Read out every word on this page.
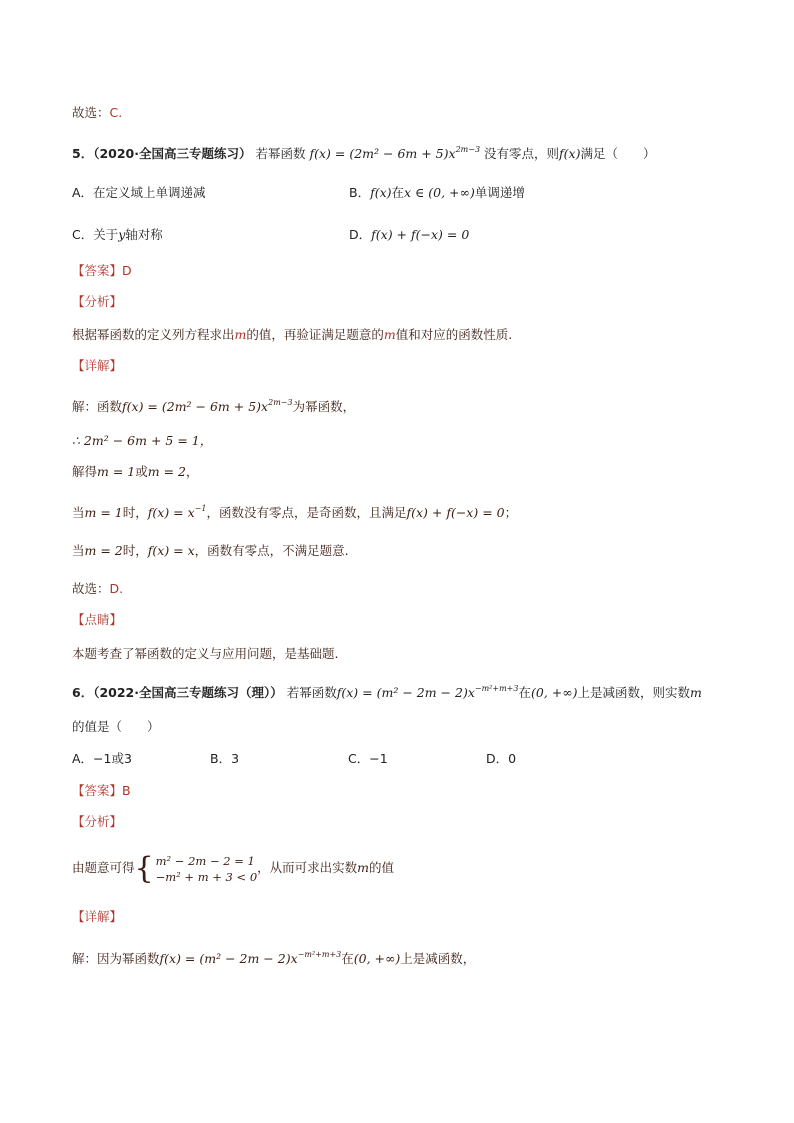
故选：C.
5．（2020·全国高三专题练习） 若幂函数 $f(x) = (2m^2 - 6m + 5)x^{2m-3}$ 没有零点，则f(x)满足（　　）
A．在定义域上单调递减	B．f(x)在x ∈ (0, +∞)单调递增
C．关于y轴对称	D．f(x) + f(−x) = 0
【答案】D
【分析】
根据幂函数的定义列方程求出m的值，再验证满足题意的m值和对应的函数性质.
【详解】
解：函数$f(x) = (2m^2 - 6m + 5)x^{2m-3}$为幂函数，
∴ 2m² − 6m + 5 = 1，
解得m = 1或m = 2，
当m = 1时，$f(x) = x^{-1}$，函数没有零点，是奇函数，且满足f(x) + f(−x) = 0；
当m = 2时，f(x) = x，函数有零点，不满足题意.
故选：D.
【点睛】
本题考查了幂函数的定义与应用问题，是基础题.
6．（2022·全国高三专题练习（理）） 若幂函数$f(x) = (m^2 - 2m - 2)x^{-m^2+m+3}$在(0, +∞)上是减函数，则实数m
的值是（　　）
A．−1或3	B．3	C．−1	D．0
【答案】B
【分析】
由题意可得{ m² − 2m − 2 = 1
−m² + m + 3 < 0，从而可求出实数m的值
【详解】
解：因为幂函数$f(x) = (m^2 - 2m - 2)x^{-m^2+m+3}$在(0, +∞)上是减函数，
